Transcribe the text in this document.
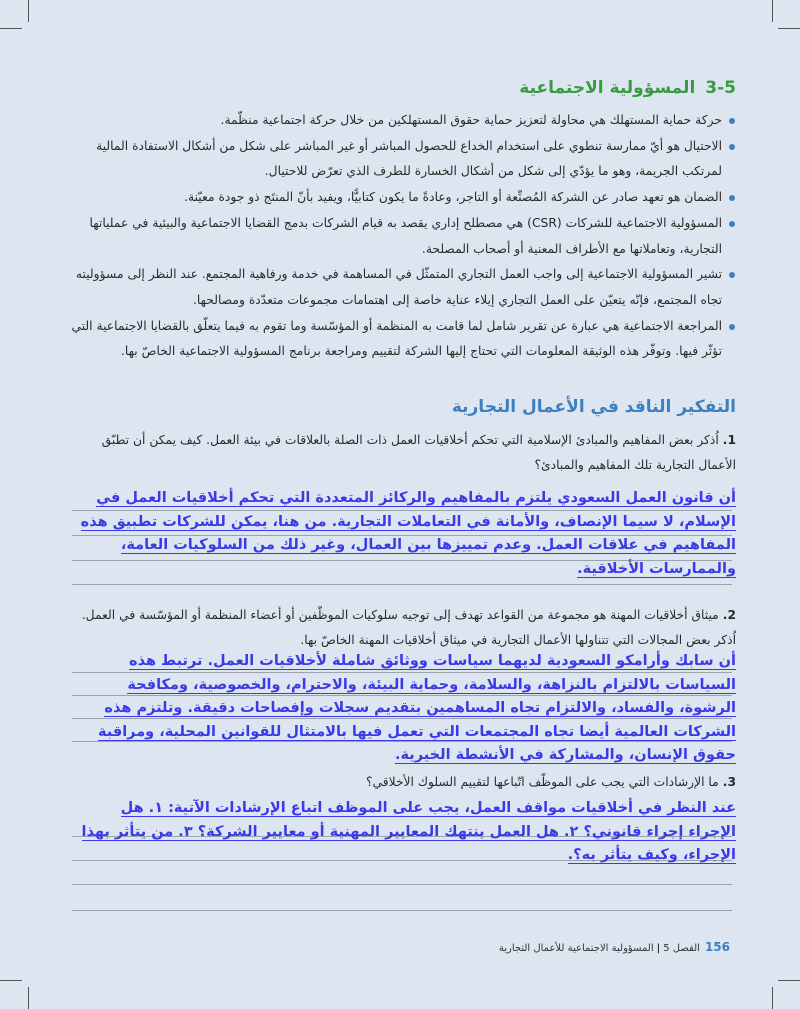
3-5المسؤولية الاجتماعية
حركة حماية المستهلك هي محاولة لتعزيز حماية حقوق المستهلكين من خلال حركة اجتماعية منظّمة.
الاحتيال هو أيّ ممارسة تنطوي على استخدام الخداع للحصول المباشر أو غير المباشر على شكل من أشكال الاستفادة المالية لمرتكب الجريمة، وهو ما يؤدّي إلى شكل من أشكال الخسارة للطرف الذي تعرّض للاحتيال.
الضمان هو تعهد صادر عن الشركة المُصنِّعة أو التاجر، وعادةً ما يكون كتابيًّا، ويفيد بأنّ المنتَج ذو جودة معيّنة.
المسؤولية الاجتماعية للشركات (CSR) هي مصطلح إداري يقصد به قيام الشركات بدمج القضايا الاجتماعية والبيئية في عملياتها التجارية، وتعاملاتها مع الأطراف المعنية أو أصحاب المصلحة.
تشير المسؤولية الاجتماعية إلى واجب العمل التجاري المتمثّل في المساهمة في خدمة ورفاهية المجتمع. عند النظر إلى مسؤوليته تجاه المجتمع، فإنّه يتعيّن على العمل التجاري إيلاء عناية خاصة إلى اهتمامات مجموعات متعدّدة ومصالحها.
المراجعة الاجتماعية هي عبارة عن تقرير شامل لما قامت به المنظمة أو المؤسّسة وما تقوم به فيما يتعلّق بالقضايا الاجتماعية التي تؤثّر فيها. وتوفّر هذه الوثيقة المعلومات التي تحتاج إليها الشركة لتقييم ومراجعة برنامج المسؤولية الاجتماعية الخاصّ بها.
التفكير الناقد في الأعمال التجارية
1.اُذكر بعض المفاهيم والمبادئ الإسلامية التي تحكم أخلاقيات العمل ذات الصلة بالعلاقات في بيئة العمل. كيف يمكن أن تطبّق الأعمال التجارية تلك المفاهيم والمبادئ؟
أن قانون العمل السعودي يلتزم بالمفاهيم والركائز المتعددة التي تحكم أخلاقيات العمل في الإسلام، لا سيما الإنصاف، والأمانة في التعاملات التجارية. من هنا، يمكن للشركات تطبيق هذه المفاهيم في علاقات العمل. وعدم تمييزها بين العمال، وغير ذلك من السلوكيات العامة، والممارسات الأخلاقية.
2.ميثاق أخلاقيات المهنة هو مجموعة من القواعد تهدف إلى توجيه سلوكيات الموظّفين أو أعضاء المنظمة أو المؤسّسة في العمل. اُذكر بعض المجالات التي تتناولها الأعمال التجارية في ميثاق أخلاقيات المهنة الخاصّ بها.
أن سابك وأرامكو السعودية لديهما سياسات ووثائق شاملة لأخلاقيات العمل. ترتبط هذه السياسات بالالتزام بالنزاهة، والسلامة، وحماية البيئة، والاحترام، والخصوصية، ومكافحة الرشوة، والفساد، والالتزام تجاه المساهمين بتقديم سجلات وإفصاحات دقيقة. وتلتزم هذه الشركات العالمية أيضا تجاه المجتمعات التي تعمل فيها بالامتثال للقوانين المحلية، ومراقبة حقوق الإنسان، والمشاركة في الأنشطة الخيرية.
3.ما الإرشادات التي يجب على الموظّف اتّباعها لتقييم السلوك الأخلاقي؟
عند النظر في أخلاقيات مواقف العمل، يجب على الموظف اتباع الإرشادات الآتية: ١. هل الإجراء إجراء قانوني؟ ٢. هل العمل ينتهك المعايير المهنية أو معايير الشركة؟ ٣. من يتأثر بهذا الإجراء، وكيف يتأثر به؟.
156الفصل 5|المسؤولية الاجتماعية للأعمال التجارية
